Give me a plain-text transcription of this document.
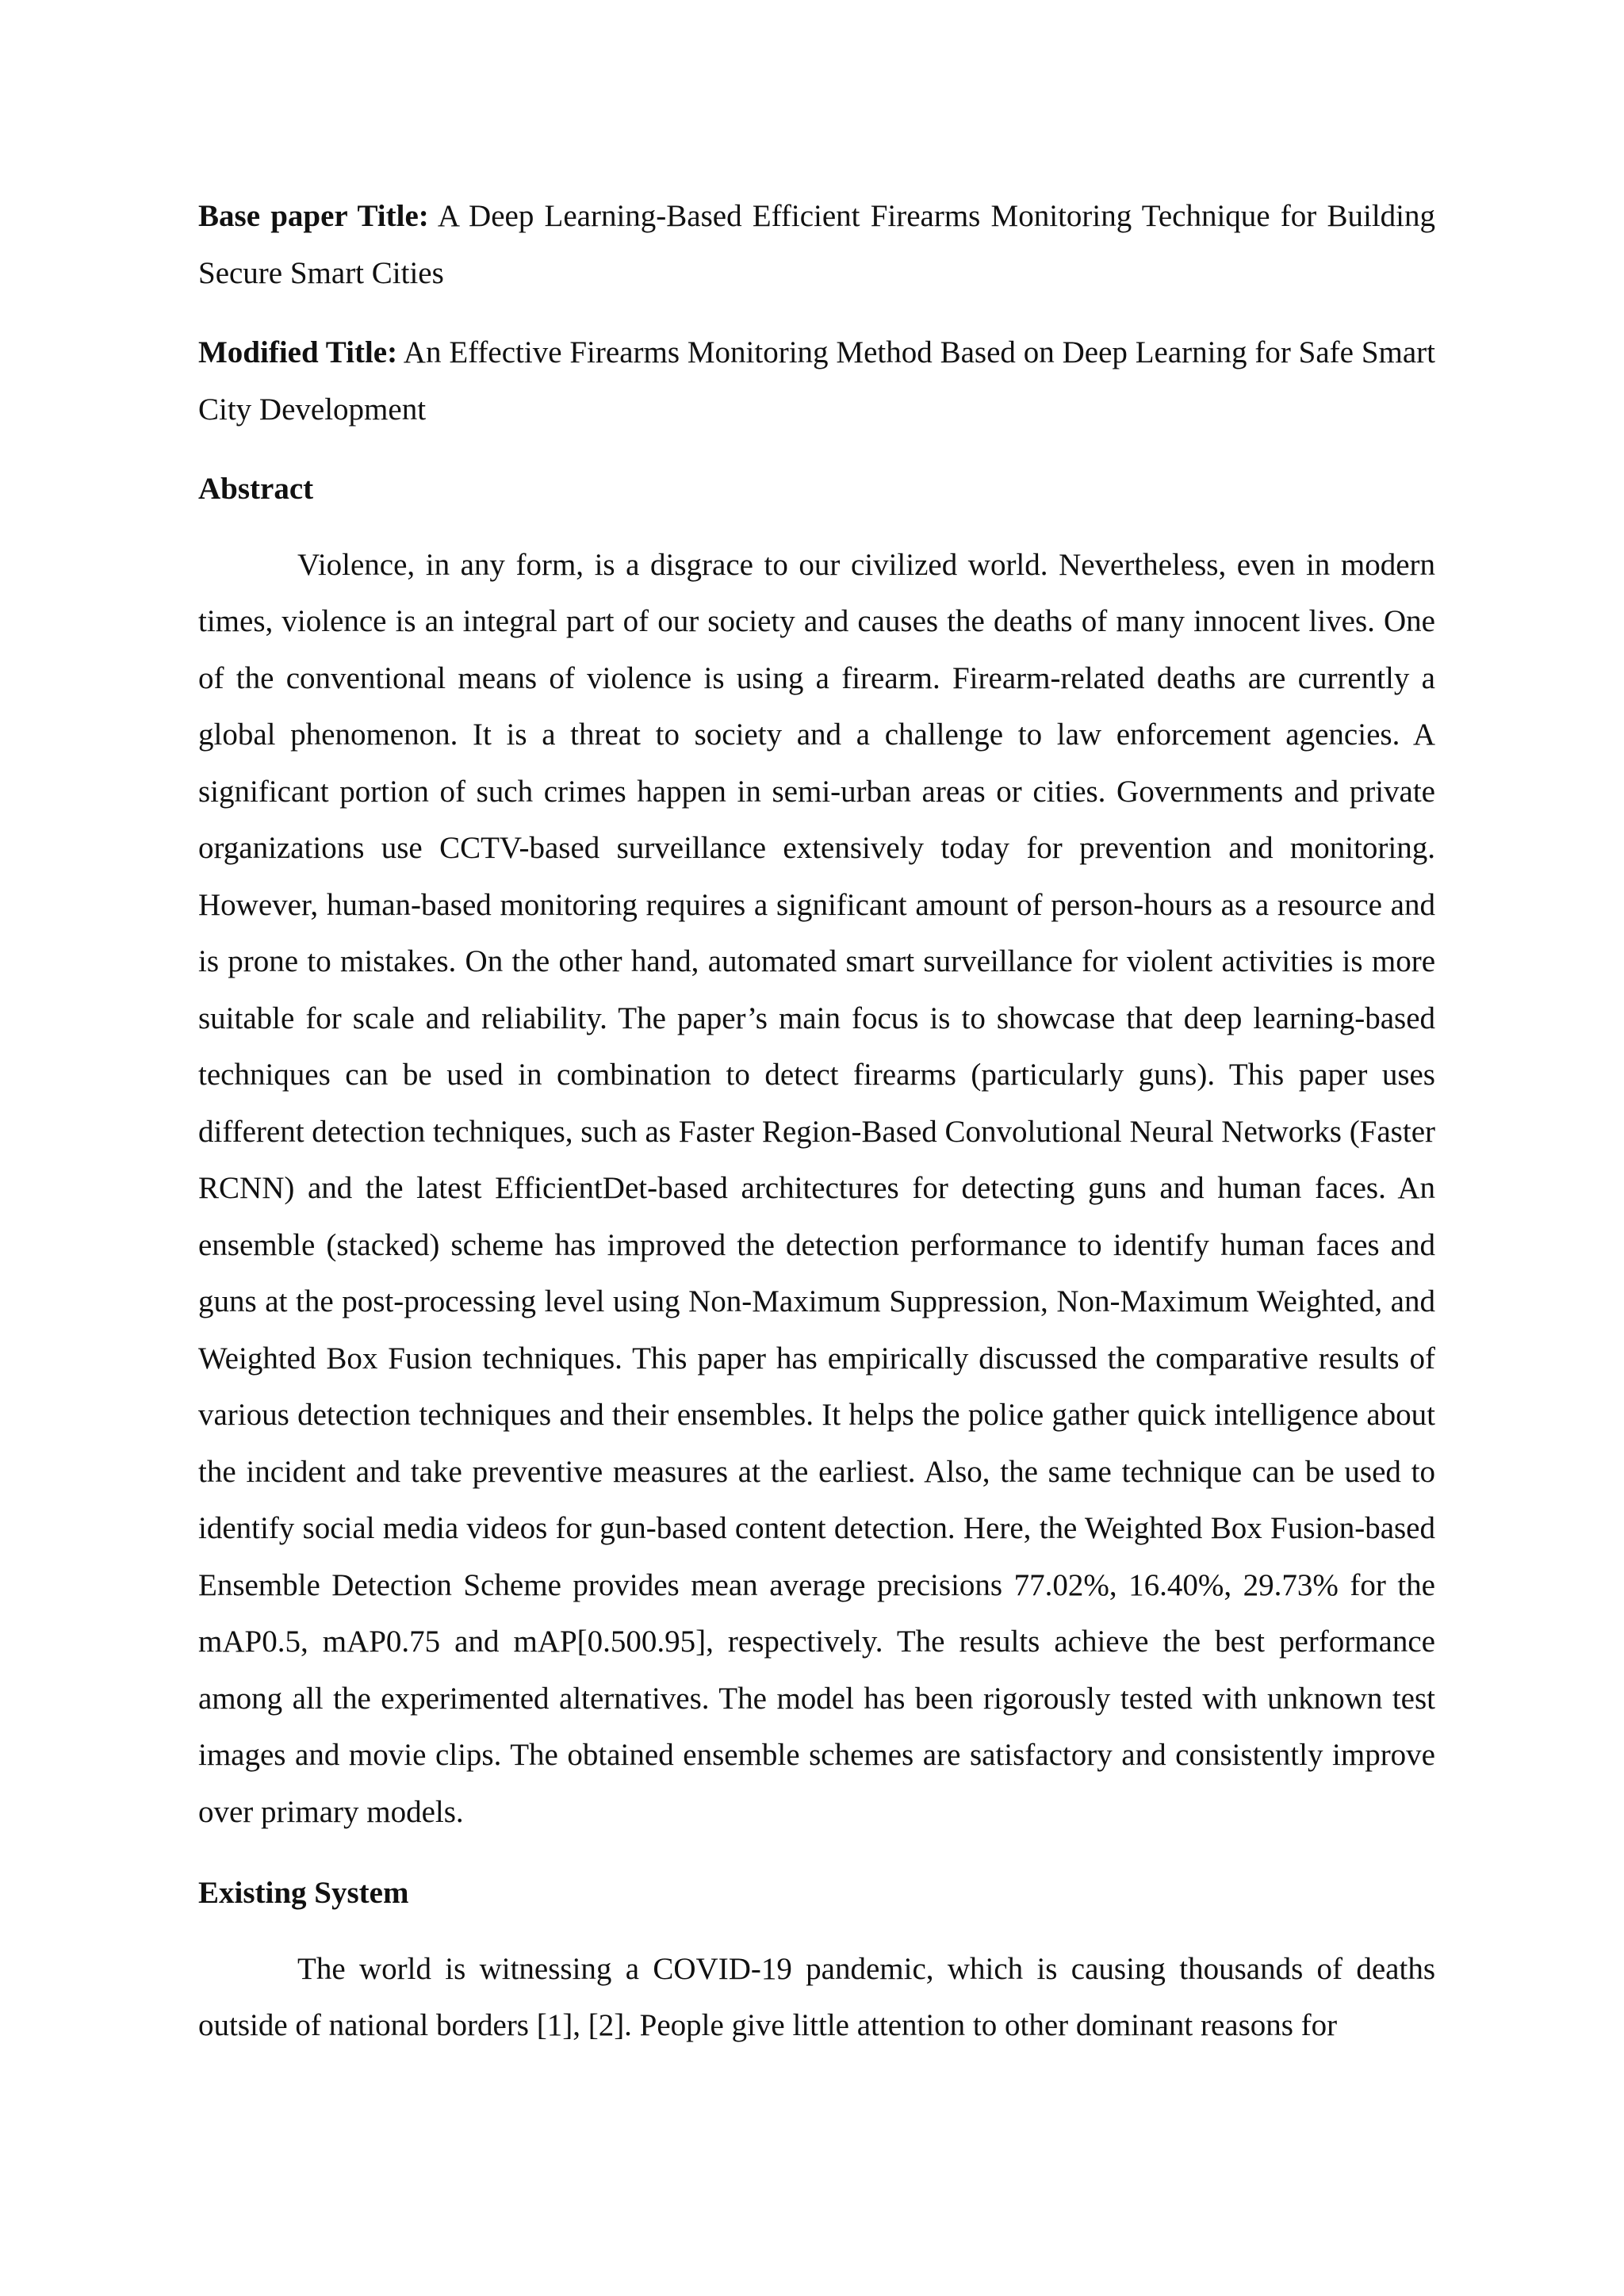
Base paper Title: A Deep Learning-Based Efficient Firearms Monitoring Technique for Building Secure Smart Cities

Modified Title: An Effective Firearms Monitoring Method Based on Deep Learning for Safe Smart City Development

Abstract

Violence, in any form, is a disgrace to our civilized world. Nevertheless, even in modern times, violence is an integral part of our society and causes the deaths of many innocent lives. One of the conventional means of violence is using a firearm. Firearm-related deaths are currently a global phenomenon. It is a threat to society and a challenge to law enforcement agencies. A significant portion of such crimes happen in semi-urban areas or cities. Governments and private organizations use CCTV-based surveillance extensively today for prevention and monitoring. However, human-based monitoring requires a significant amount of person-hours as a resource and is prone to mistakes. On the other hand, automated smart surveillance for violent activities is more suitable for scale and reliability. The paper’s main focus is to showcase that deep learning-based techniques can be used in combination to detect firearms (particularly guns). This paper uses different detection techniques, such as Faster Region-Based Convolutional Neural Networks (Faster RCNN) and the latest EfficientDet-based architectures for detecting guns and human faces. An ensemble (stacked) scheme has improved the detection performance to identify human faces and guns at the post-processing level using Non-Maximum Suppression, Non-Maximum Weighted, and Weighted Box Fusion techniques. This paper has empirically discussed the comparative results of various detection techniques and their ensembles. It helps the police gather quick intelligence about the incident and take preventive measures at the earliest. Also, the same technique can be used to identify social media videos for gun-based content detection. Here, the Weighted Box Fusion-based Ensemble Detection Scheme provides mean average precisions 77.02%, 16.40%, 29.73% for the mAP0.5, mAP0.75 and mAP[0.500.95], respectively. The results achieve the best performance among all the experimented alternatives. The model has been rigorously tested with unknown test images and movie clips. The obtained ensemble schemes are satisfactory and consistently improve over primary models.

Existing System

The world is witnessing a COVID-19 pandemic, which is causing thousands of deaths outside of national borders [1], [2]. People give little attention to other dominant reasons for
